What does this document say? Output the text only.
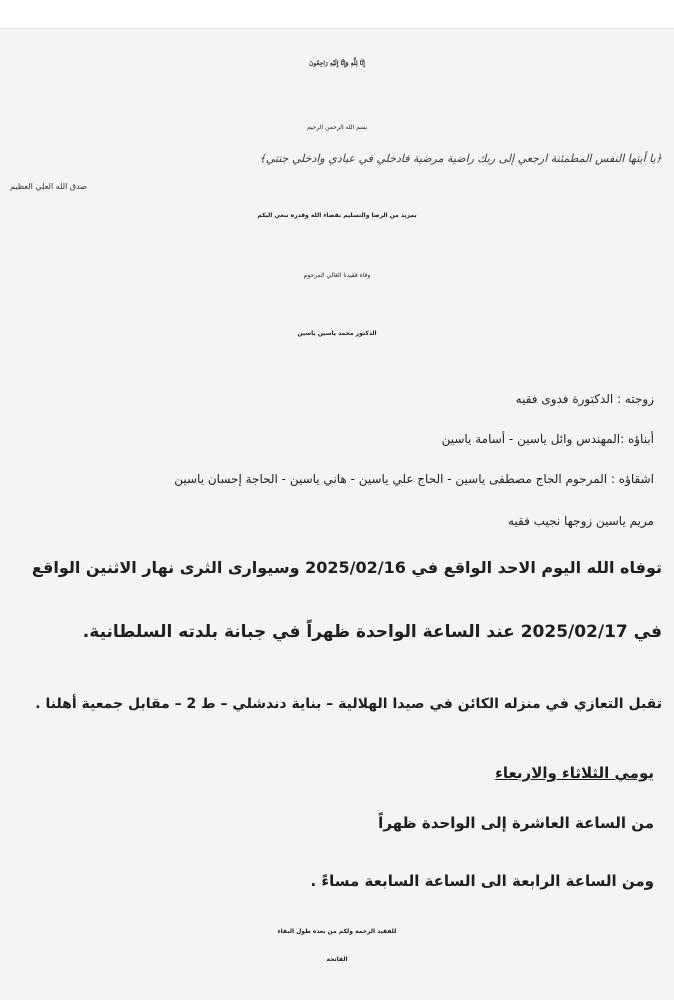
إِنَّا لِلَّهِ وَإِنَّا إِلَيْهِ رَاجِعُونَ
بسم الله الرحمن الرحيم
﴿يا أيتها النفس المطمئنة ارجعي إلى ربك راضية مرضية فادخلي في عبادي وادخلي جنتي﴾
صدق الله العلي العظيم
بمزيد من الرضا والتسليم بقضاء الله وقدره ننعي اليكم
وفاة فقيدنا الغالي المرحوم
الدكتور محمد ياسين ياسين
زوجته : الدكتورة فدوى فقيه
أبناؤه :المهندس وائل ياسين - أسامة ياسين
اشقاؤه : المرحوم الحاج مصطفى ياسين - الحاج علي ياسين - هاني ياسين - الحاجة إحسان ياسين
مريم ياسين زوجها نجيب فقيه
توفاه الله اليوم الاحد الواقع في 2025/02/16 وسيوارى الثرى نهار الاثنين الواقع
في 2025/02/17 عند الساعة الواحدة ظهراً في جبانة بلدته السلطانية.
تقبل التعازي في منزله الكائن في صيدا الهلالية – بناية دندشلي – ط 2 – مقابل جمعية أهلنا .
يومي الثلاثاء والاربعاء
من الساعة العاشرة إلى الواحدة ظهراً
ومن الساعة الرابعة الى الساعة السابعة مساءً .
للفقيد الرحمة ولكم من بعده طول البقاء
الفاتحة
